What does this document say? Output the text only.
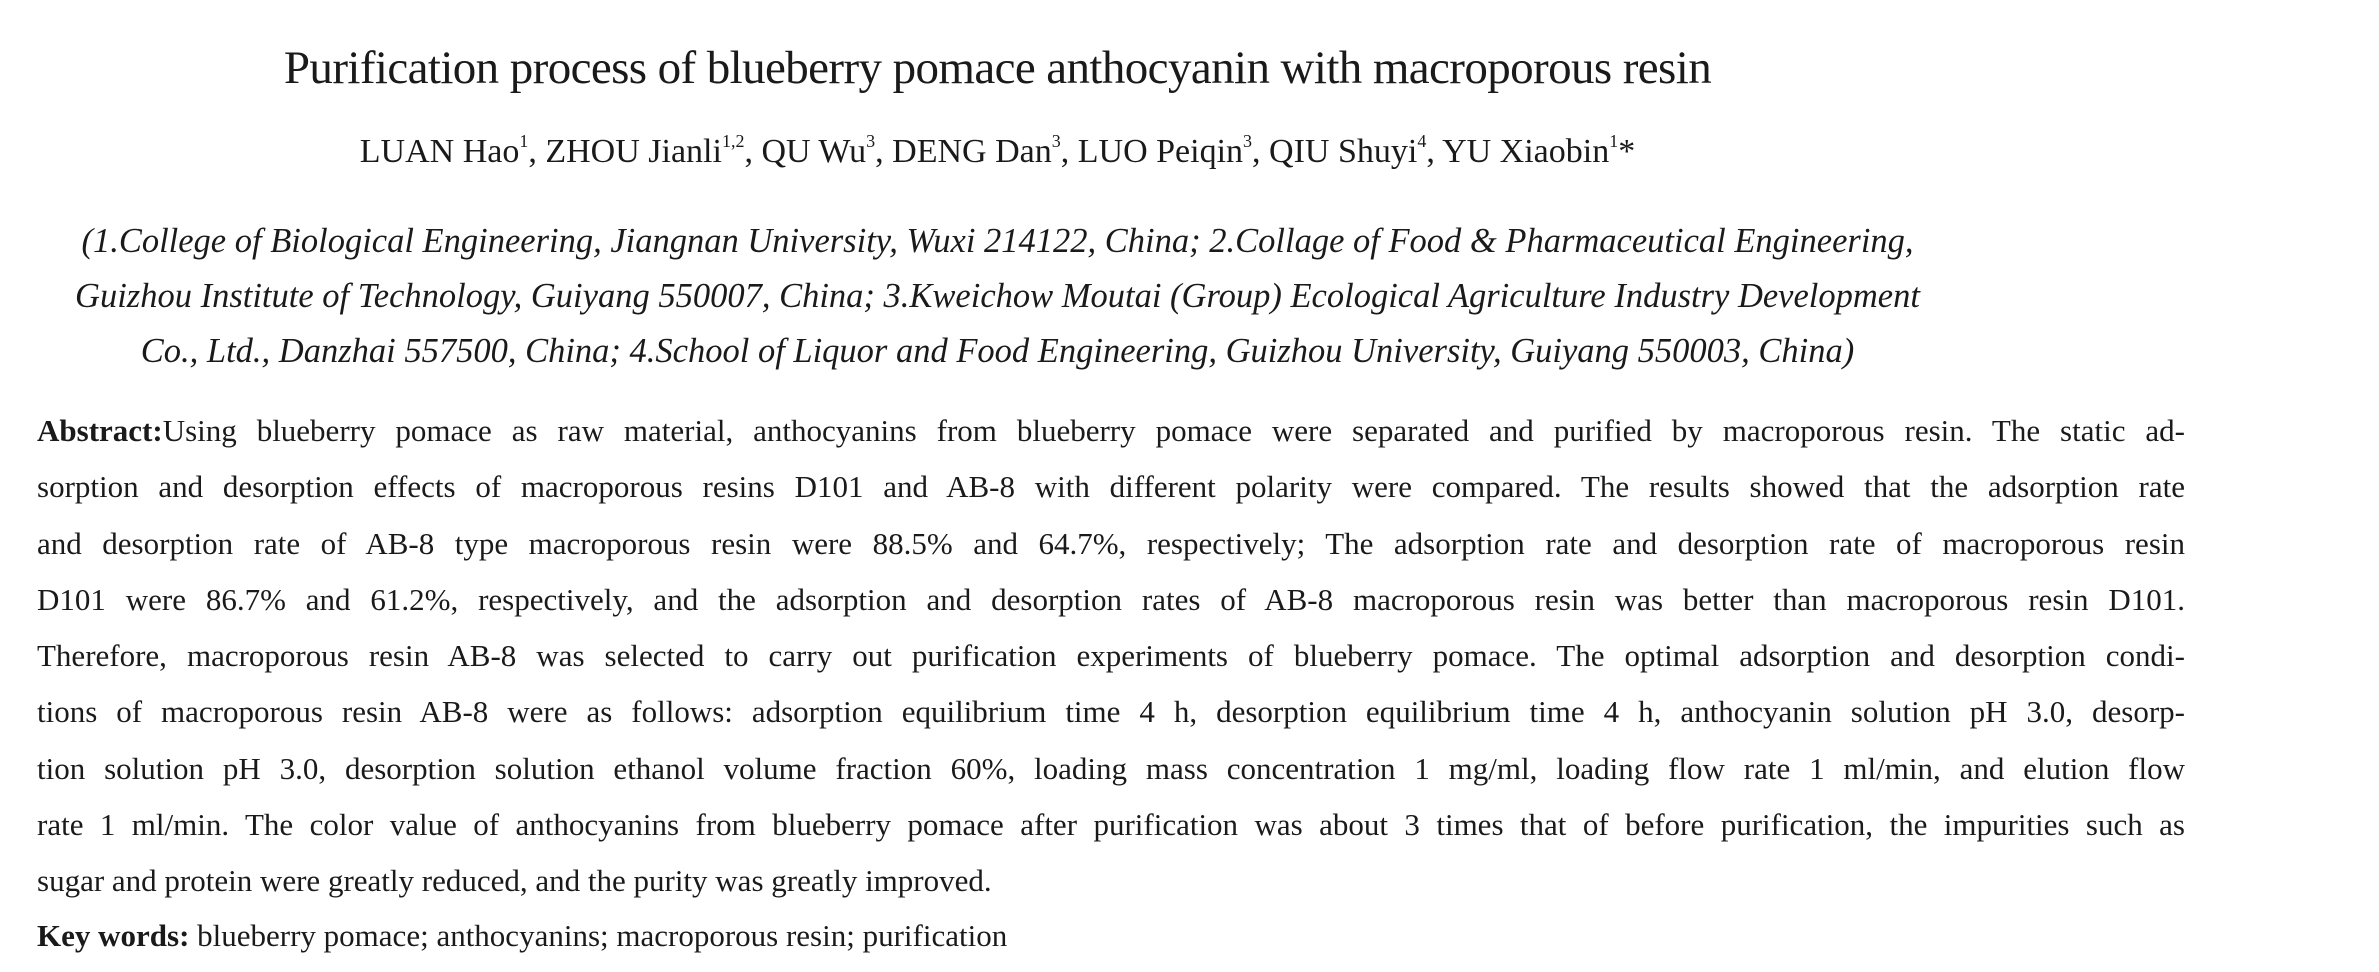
Purification process of blueberry pomace anthocyanin with macroporous resin
LUAN Hao$^1$, ZHOU Jianli$^{1,2}$, QU Wu$^3$, DENG Dan$^3$, LUO Peiqin$^3$, QIU Shuyi$^4$, YU Xiaobin$^1$*
(1.College of Biological Engineering, Jiangnan University, Wuxi 214122, China; 2.Collage of Food & Pharmaceutical Engineering,
Guizhou Institute of Technology, Guiyang 550007, China; 3.Kweichow Moutai (Group) Ecological Agriculture Industry Development
Co., Ltd., Danzhai 557500, China; 4.School of Liquor and Food Engineering, Guizhou University, Guiyang 550003, China)
Abstract:Using blueberry pomace as raw material, anthocyanins from blueberry pomace were separated and purified by macroporous resin. The static ad-
sorption and desorption effects of macroporous resins D101 and AB-8 with different polarity were compared. The results showed that the adsorption rate
and desorption rate of AB-8 type macroporous resin were 88.5% and 64.7%, respectively; The adsorption rate and desorption rate of macroporous resin
D101 were 86.7% and 61.2%, respectively, and the adsorption and desorption rates of AB-8 macroporous resin was better than macroporous resin D101.
Therefore, macroporous resin AB-8 was selected to carry out purification experiments of blueberry pomace. The optimal adsorption and desorption condi-
tions of macroporous resin AB-8 were as follows: adsorption equilibrium time 4 h, desorption equilibrium time 4 h, anthocyanin solution pH 3.0, desorp-
tion solution pH 3.0, desorption solution ethanol volume fraction 60%, loading mass concentration 1 mg/ml, loading flow rate 1 ml/min, and elution flow
rate 1 ml/min. The color value of anthocyanins from blueberry pomace after purification was about 3 times that of before purification, the impurities such as
sugar and protein were greatly reduced, and the purity was greatly improved.
Key words: blueberry pomace; anthocyanins; macroporous resin; purification
